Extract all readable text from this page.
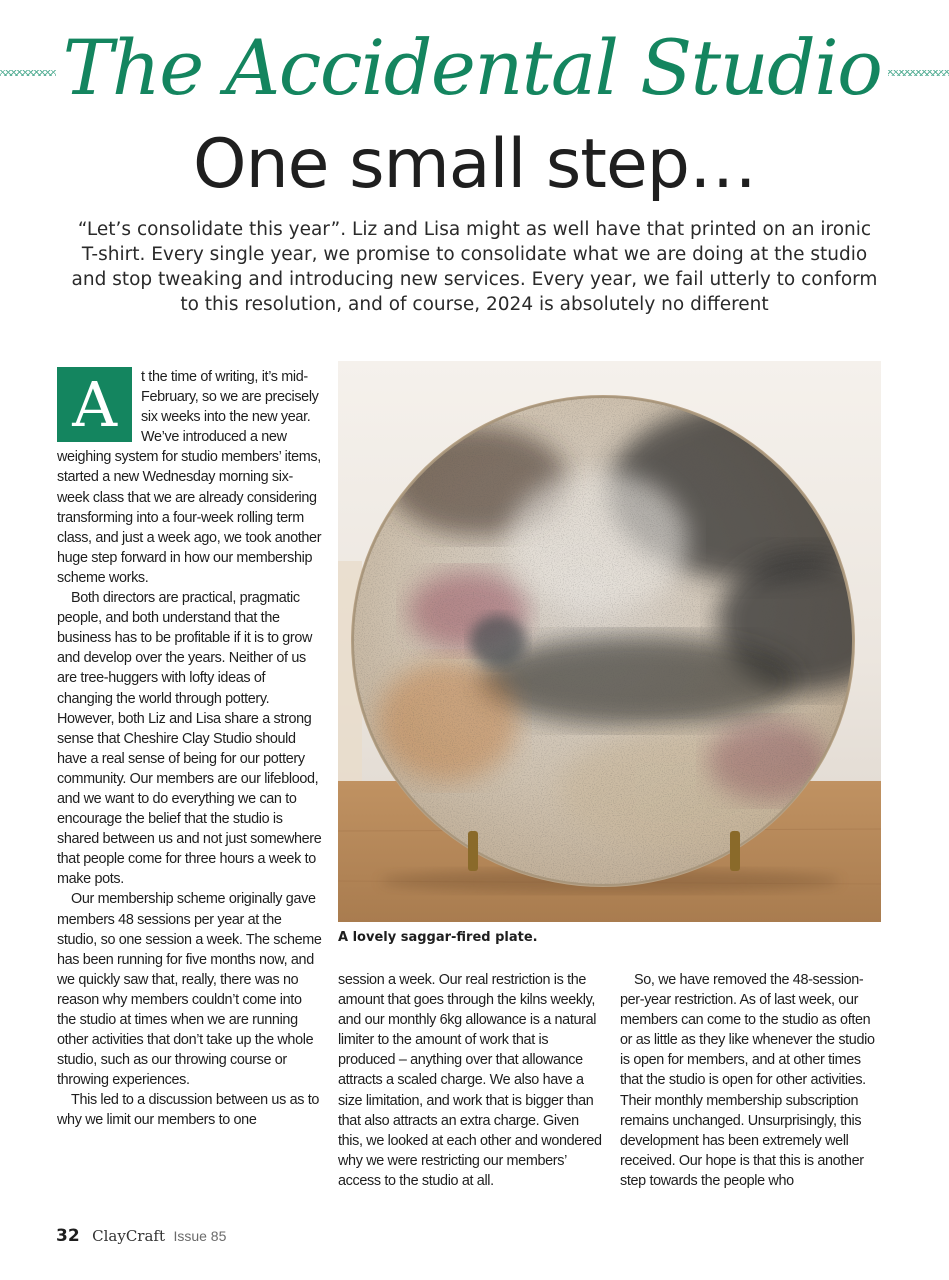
The Accidental Studio
One small step…

“Let’s consolidate this year”. Liz and Lisa might as well have that printed on an ironic T-shirt. Every single year, we promise to consolidate what we are doing at the studio and stop tweaking and introducing new services. Every year, we fail utterly to conform to this resolution, and of course, 2024 is absolutely no different

A	t the time of writing, it’s mid-February, so we are precisely six weeks into the new year. We’ve introduced a new weighing system for studio members’ items, started a new Wednesday morning six-week class that we are already considering transforming into a four-week rolling term class, and just a week ago, we took another huge step forward in how our membership scheme works.

Both directors are practical, pragmatic people, and both understand that the business has to be profitable if it is to grow and develop over the years. Neither of us are tree-huggers with lofty ideas of changing the world through pottery. However, both Liz and Lisa share a strong sense that Cheshire Clay Studio should have a real sense of being for our pottery community. Our members are our lifeblood, and we want to do everything we can to encourage the belief that the studio is shared between us and not just somewhere that people come for three hours a week to make pots.

Our membership scheme originally gave members 48 sessions per year at the studio, so one session a week. The scheme has been running for five months now, and we quickly saw that, really, there was no reason why members couldn’t come into the studio at times when we are running other activities that don’t take up the whole studio, such as our throwing course or throwing experiences.

This led to a discussion between us as to why we limit our members to one

A lovely saggar-fired plate.

session a week. Our real restriction is the amount that goes through the kilns weekly, and our monthly 6kg allowance is a natural limiter to the amount of work that is produced – anything over that allowance attracts a scaled charge. We also have a size limitation, and work that is bigger than that also attracts an extra charge. Given this, we looked at each other and wondered why we were restricting our members’ access to the studio at all.

So, we have removed the 48-session-per-year restriction. As of last week, our members can come to the studio as often or as little as they like whenever the studio is open for members, and at other times that the studio is open for other activities. Their monthly membership subscription remains unchanged. Unsurprisingly, this development has been extremely well received. Our hope is that this is another step towards the people who

32 ClayCraft Issue 85
